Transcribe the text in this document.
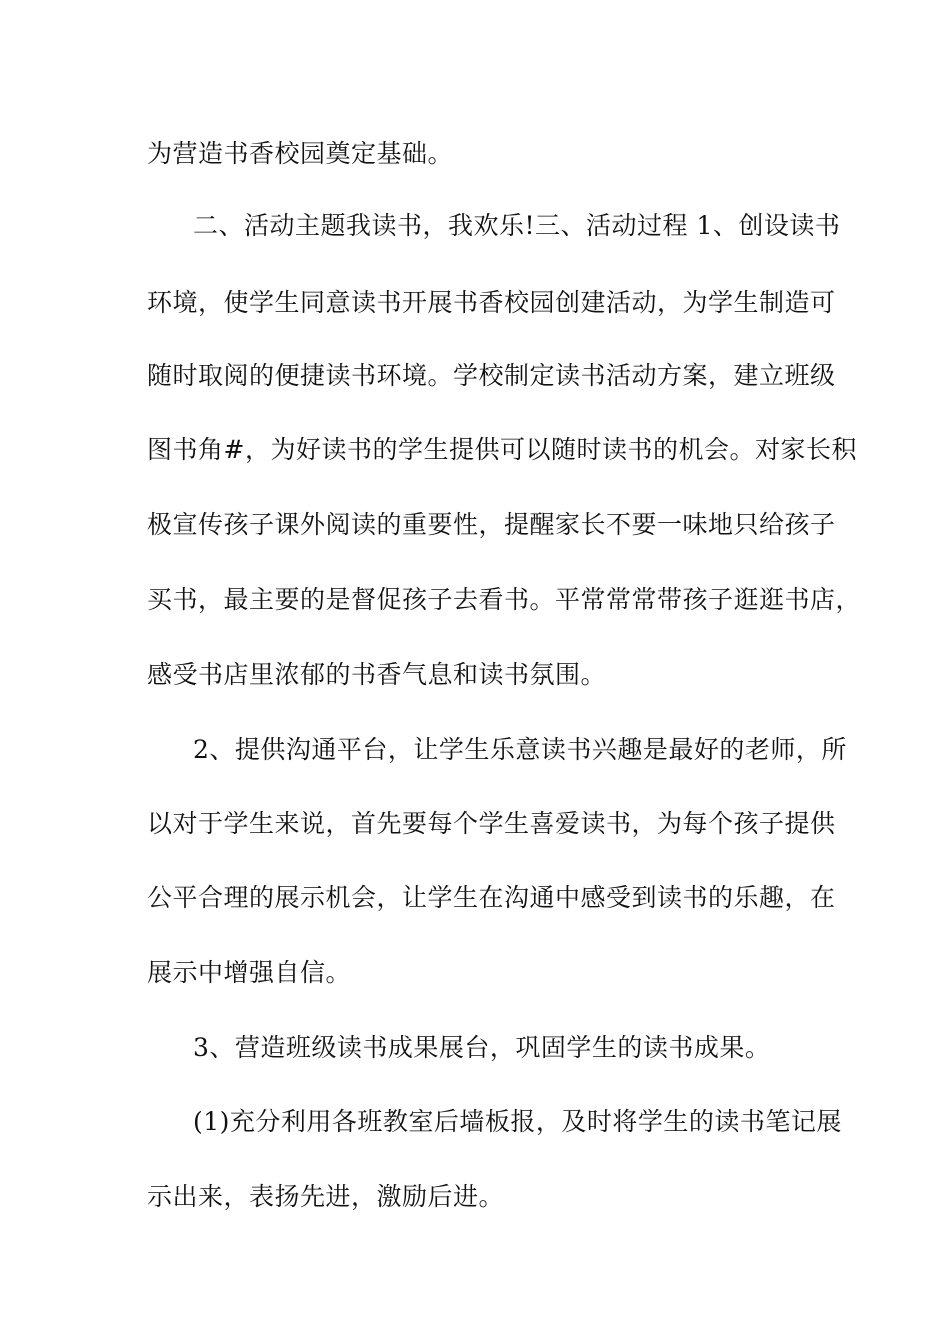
为营造书香校园奠定基础。
二、活动主题我读书，我欢乐!三、活动过程 1、创设读书
环境，使学生同意读书开展书香校园创建活动，为学生制造可
随时取阅的便捷读书环境。学校制定读书活动方案，建立班级
图书角#，为好读书的学生提供可以随时读书的机会。对家长积
极宣传孩子课外阅读的重要性，提醒家长不要一味地只给孩子
买书，最主要的是督促孩子去看书。平常常常带孩子逛逛书店，
感受书店里浓郁的书香气息和读书氛围。
2、提供沟通平台，让学生乐意读书兴趣是最好的老师，所
以对于学生来说，首先要每个学生喜爱读书，为每个孩子提供
公平合理的展示机会，让学生在沟通中感受到读书的乐趣，在
展示中增强自信。
3、营造班级读书成果展台，巩固学生的读书成果。
(1)充分利用各班教室后墙板报，及时将学生的读书笔记展
示出来，表扬先进，激励后进。
